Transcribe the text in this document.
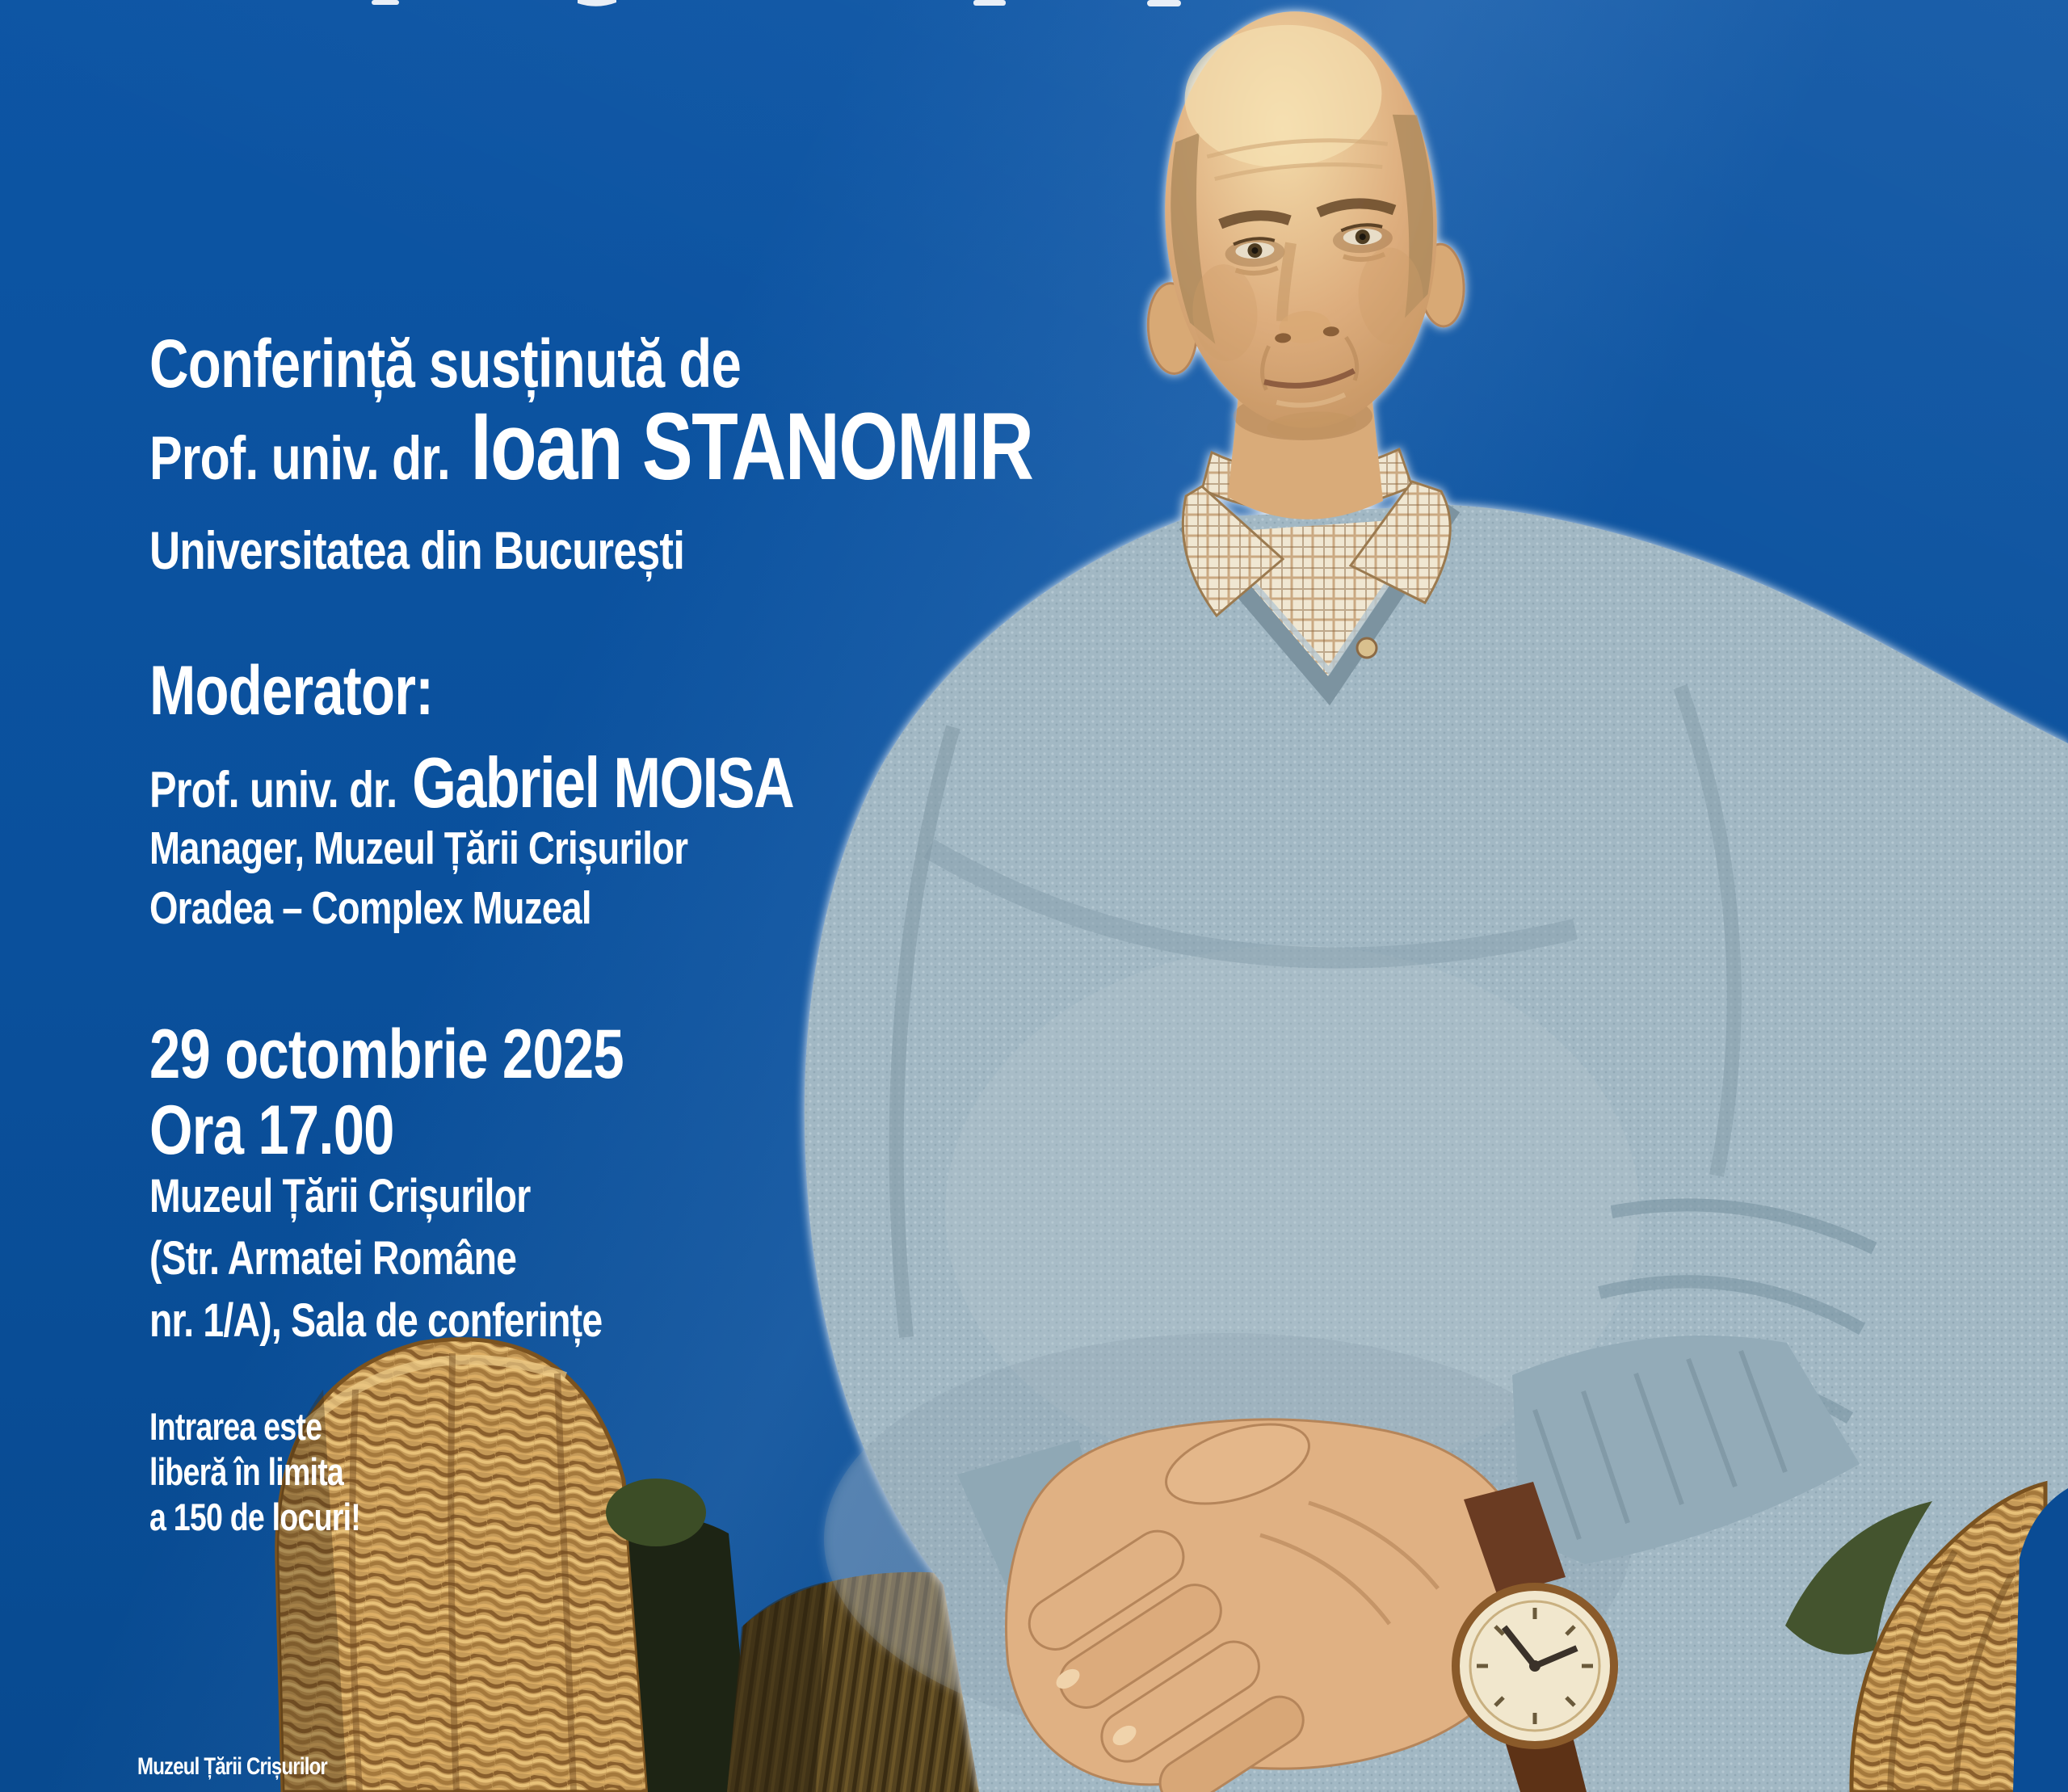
Conferință susținută de
Prof. univ. dr. Ioan STANOMIR
Universitatea din București
Moderator:
Prof. univ. dr. Gabriel MOISA
Manager, Muzeul Țării Crișurilor
Oradea – Complex Muzeal
29 octombrie 2025
Ora 17.00
Muzeul Țării Crișurilor
(Str. Armatei Române
nr. 1/A), Sala de conferințe
Intrarea este
liberă în limita
a 150 de locuri!
Muzeul Țării Crișurilor
